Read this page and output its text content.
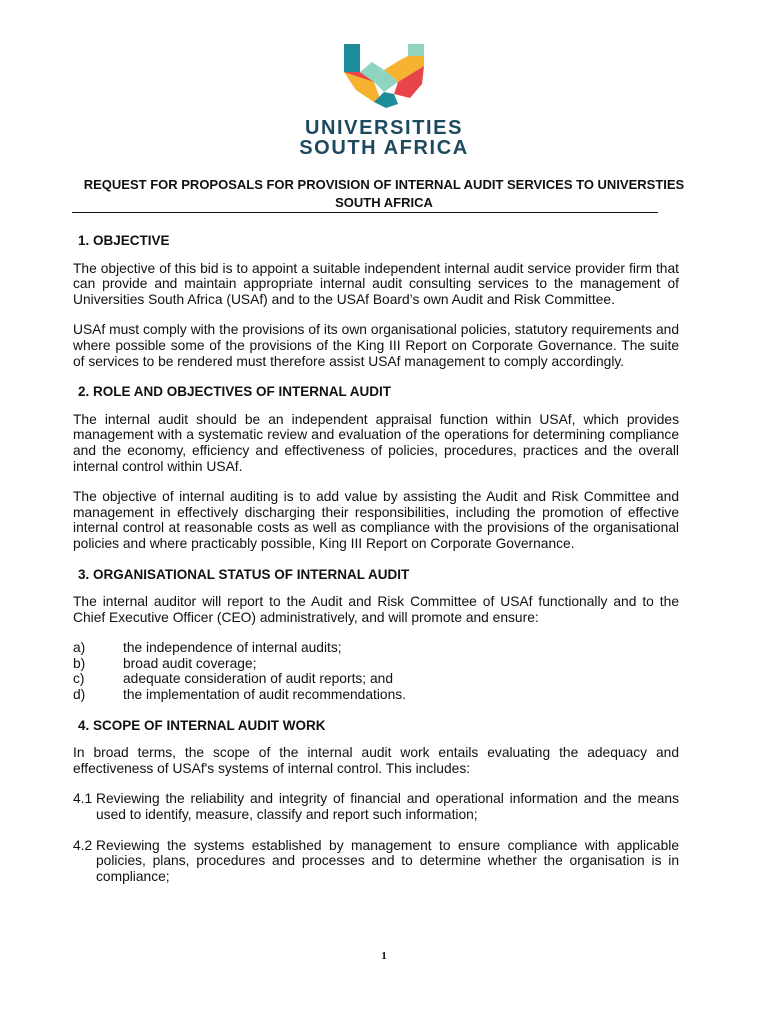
UNIVERSITIES
SOUTH AFRICA
REQUEST FOR PROPOSALS FOR PROVISION OF INTERNAL AUDIT SERVICES TO UNIVERSTIES SOUTH AFRICA
1. OBJECTIVE

The objective of this bid is to appoint a suitable independent internal audit service provider firm that can provide and maintain appropriate internal audit consulting services to the management of Universities South Africa (USAf) and to the USAf Board’s own Audit and Risk Committee.

USAf must comply with the provisions of its own organisational policies, statutory requirements and where possible some of the provisions of the King III Report on Corporate Governance. The suite of services to be rendered must therefore assist USAf management to comply accordingly.

2. ROLE AND OBJECTIVES OF INTERNAL AUDIT

The internal audit should be an independent appraisal function within USAf, which provides management with a systematic review and evaluation of the operations for determining compliance and the economy, efficiency and effectiveness of policies, procedures, practices and the overall internal control within USAf.

The objective of internal auditing is to add value by assisting the Audit and Risk Committee and management in effectively discharging their responsibilities, including the promotion of effective internal control at reasonable costs as well as compliance with the provisions of the organisational policies and where practicably possible, King III Report on Corporate Governance.

3. ORGANISATIONAL STATUS OF INTERNAL AUDIT

The internal auditor will report to the Audit and Risk Committee of USAf functionally and to the Chief Executive Officer (CEO) administratively, and will promote and ensure:

a)	the independence of internal audits;
b)	broad audit coverage;
c)	adequate consideration of audit reports; and
d)	the implementation of audit recommendations.
4. SCOPE OF INTERNAL AUDIT WORK

In broad terms, the scope of the internal audit work entails evaluating the adequacy and effectiveness of USAf's systems of internal control. This includes:

4.1 Reviewing the reliability and integrity of financial and operational information and the means used to identify, measure, classify and report such information;
4.2 Reviewing the systems established by management to ensure compliance with applicable policies, plans, procedures and processes and to determine whether the organisation is in compliance;
1
